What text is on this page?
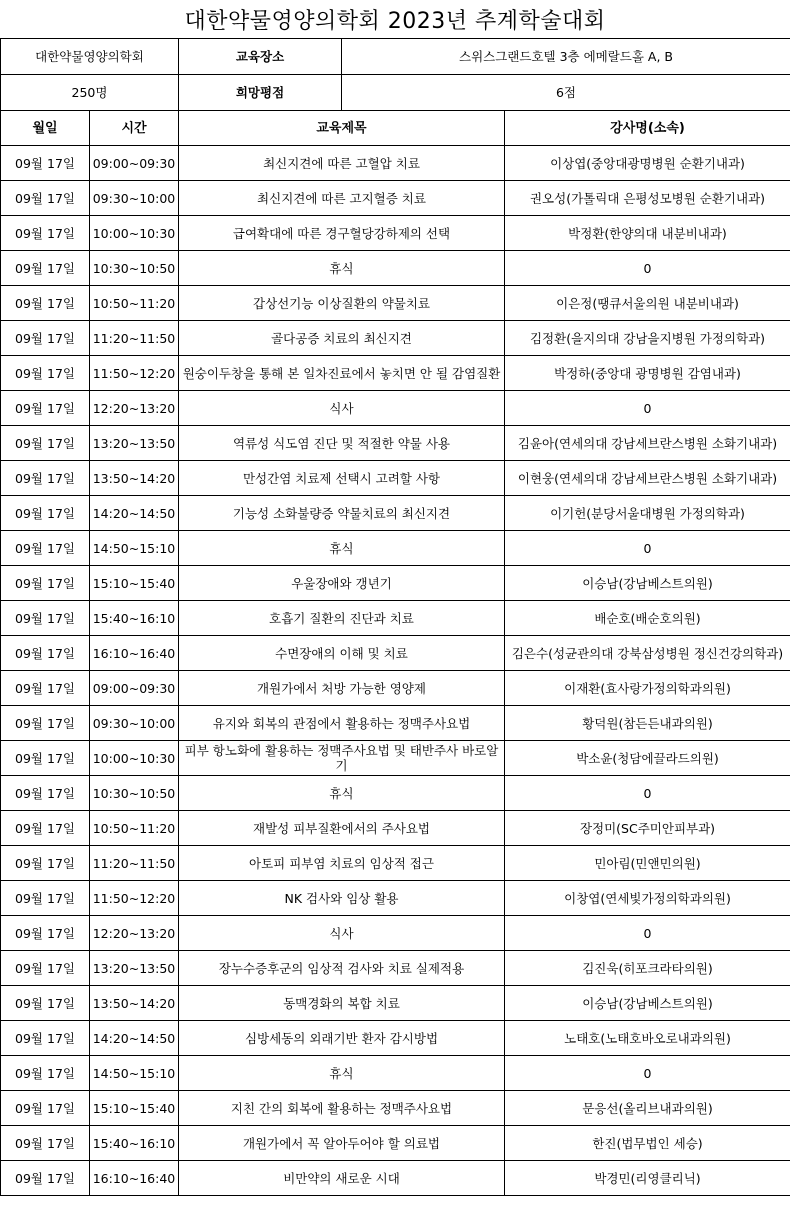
대한약물영양의학회 2023년 추계학술대회
대한약물영양의학회		교육장소	스위스그랜드호텔 3층 에메랄드홀 A, B	
250명		희망평점	6점	
월일	시간	교육제목		강사명(소속)
09월 17일	09:00~09:30	최신지견에 따른 고혈압 치료		이상엽(중앙대광명병원 순환기내과)
09월 17일	09:30~10:00	최신지견에 따른 고지혈증 치료		권오성(가톨릭대 은평성모병원 순환기내과)
09월 17일	10:00~10:30	급여확대에 따른 경구혈당강하제의 선택		박정환(한양의대 내분비내과)
09월 17일	10:30~10:50	휴식		0
09월 17일	10:50~11:20	갑상선기능 이상질환의 약물치료		이은정(땡큐서울의원 내분비내과)
09월 17일	11:20~11:50	골다공증 치료의 최신지견		김정환(을지의대 강남을지병원 가정의학과)
09월 17일	11:50~12:20	원숭이두창을 통해 본 일차진료에서 놓치면 안 될 감염질환		박정하(중앙대 광명병원 감염내과)
09월 17일	12:20~13:20	식사		0
09월 17일	13:20~13:50	역류성 식도염 진단 및 적절한 약물 사용		김윤아(연세의대 강남세브란스병원 소화기내과)
09월 17일	13:50~14:20	만성간염 치료제 선택시 고려할 사항		이현웅(연세의대 강남세브란스병원 소화기내과)
09월 17일	14:20~14:50	기능성 소화불량증 약물치료의 최신지견		이기헌(분당서울대병원 가정의학과)
09월 17일	14:50~15:10	휴식		0
09월 17일	15:10~15:40	우울장애와 갱년기		이승남(강남베스트의원)
09월 17일	15:40~16:10	호흡기 질환의 진단과 치료		배순호(배순호의원)
09월 17일	16:10~16:40	수면장애의 이해 및 치료		김은수(성균관의대 강북삼성병원 정신건강의학과)
09월 17일	09:00~09:30	개원가에서 처방 가능한 영양제		이재환(효사랑가정의학과의원)
09월 17일	09:30~10:00	유지와 회복의 관점에서 활용하는 정맥주사요법		황덕원(참든든내과의원)
09월 17일	10:00~10:30	피부 항노화에 활용하는 정맥주사요법 및 태반주사 바로알기		박소윤(청담에끌라드의원)
09월 17일	10:30~10:50	휴식		0
09월 17일	10:50~11:20	재발성 피부질환에서의 주사요법		장정미(SC주미안피부과)
09월 17일	11:20~11:50	아토피 피부염 치료의 임상적 접근		민아림(민앤민의원)
09월 17일	11:50~12:20	NK 검사와 임상 활용		이창엽(연세빛가정의학과의원)
09월 17일	12:20~13:20	식사		0
09월 17일	13:20~13:50	장누수증후군의 임상적 검사와 치료 실제적용		김진욱(히포크라타의원)
09월 17일	13:50~14:20	동맥경화의 복합 치료		이승남(강남베스트의원)
09월 17일	14:20~14:50	심방세동의 외래기반 환자 감시방법		노태호(노태호바오로내과의원)
09월 17일	14:50~15:10	휴식		0
09월 17일	15:10~15:40	지친 간의 회복에 활용하는 정맥주사요법		문응선(올리브내과의원)
09월 17일	15:40~16:10	개원가에서 꼭 알아두어야 할 의료법		한진(법무법인 세승)
09월 17일	16:10~16:40	비만약의 새로운 시대		박경민(리영클리닉)
